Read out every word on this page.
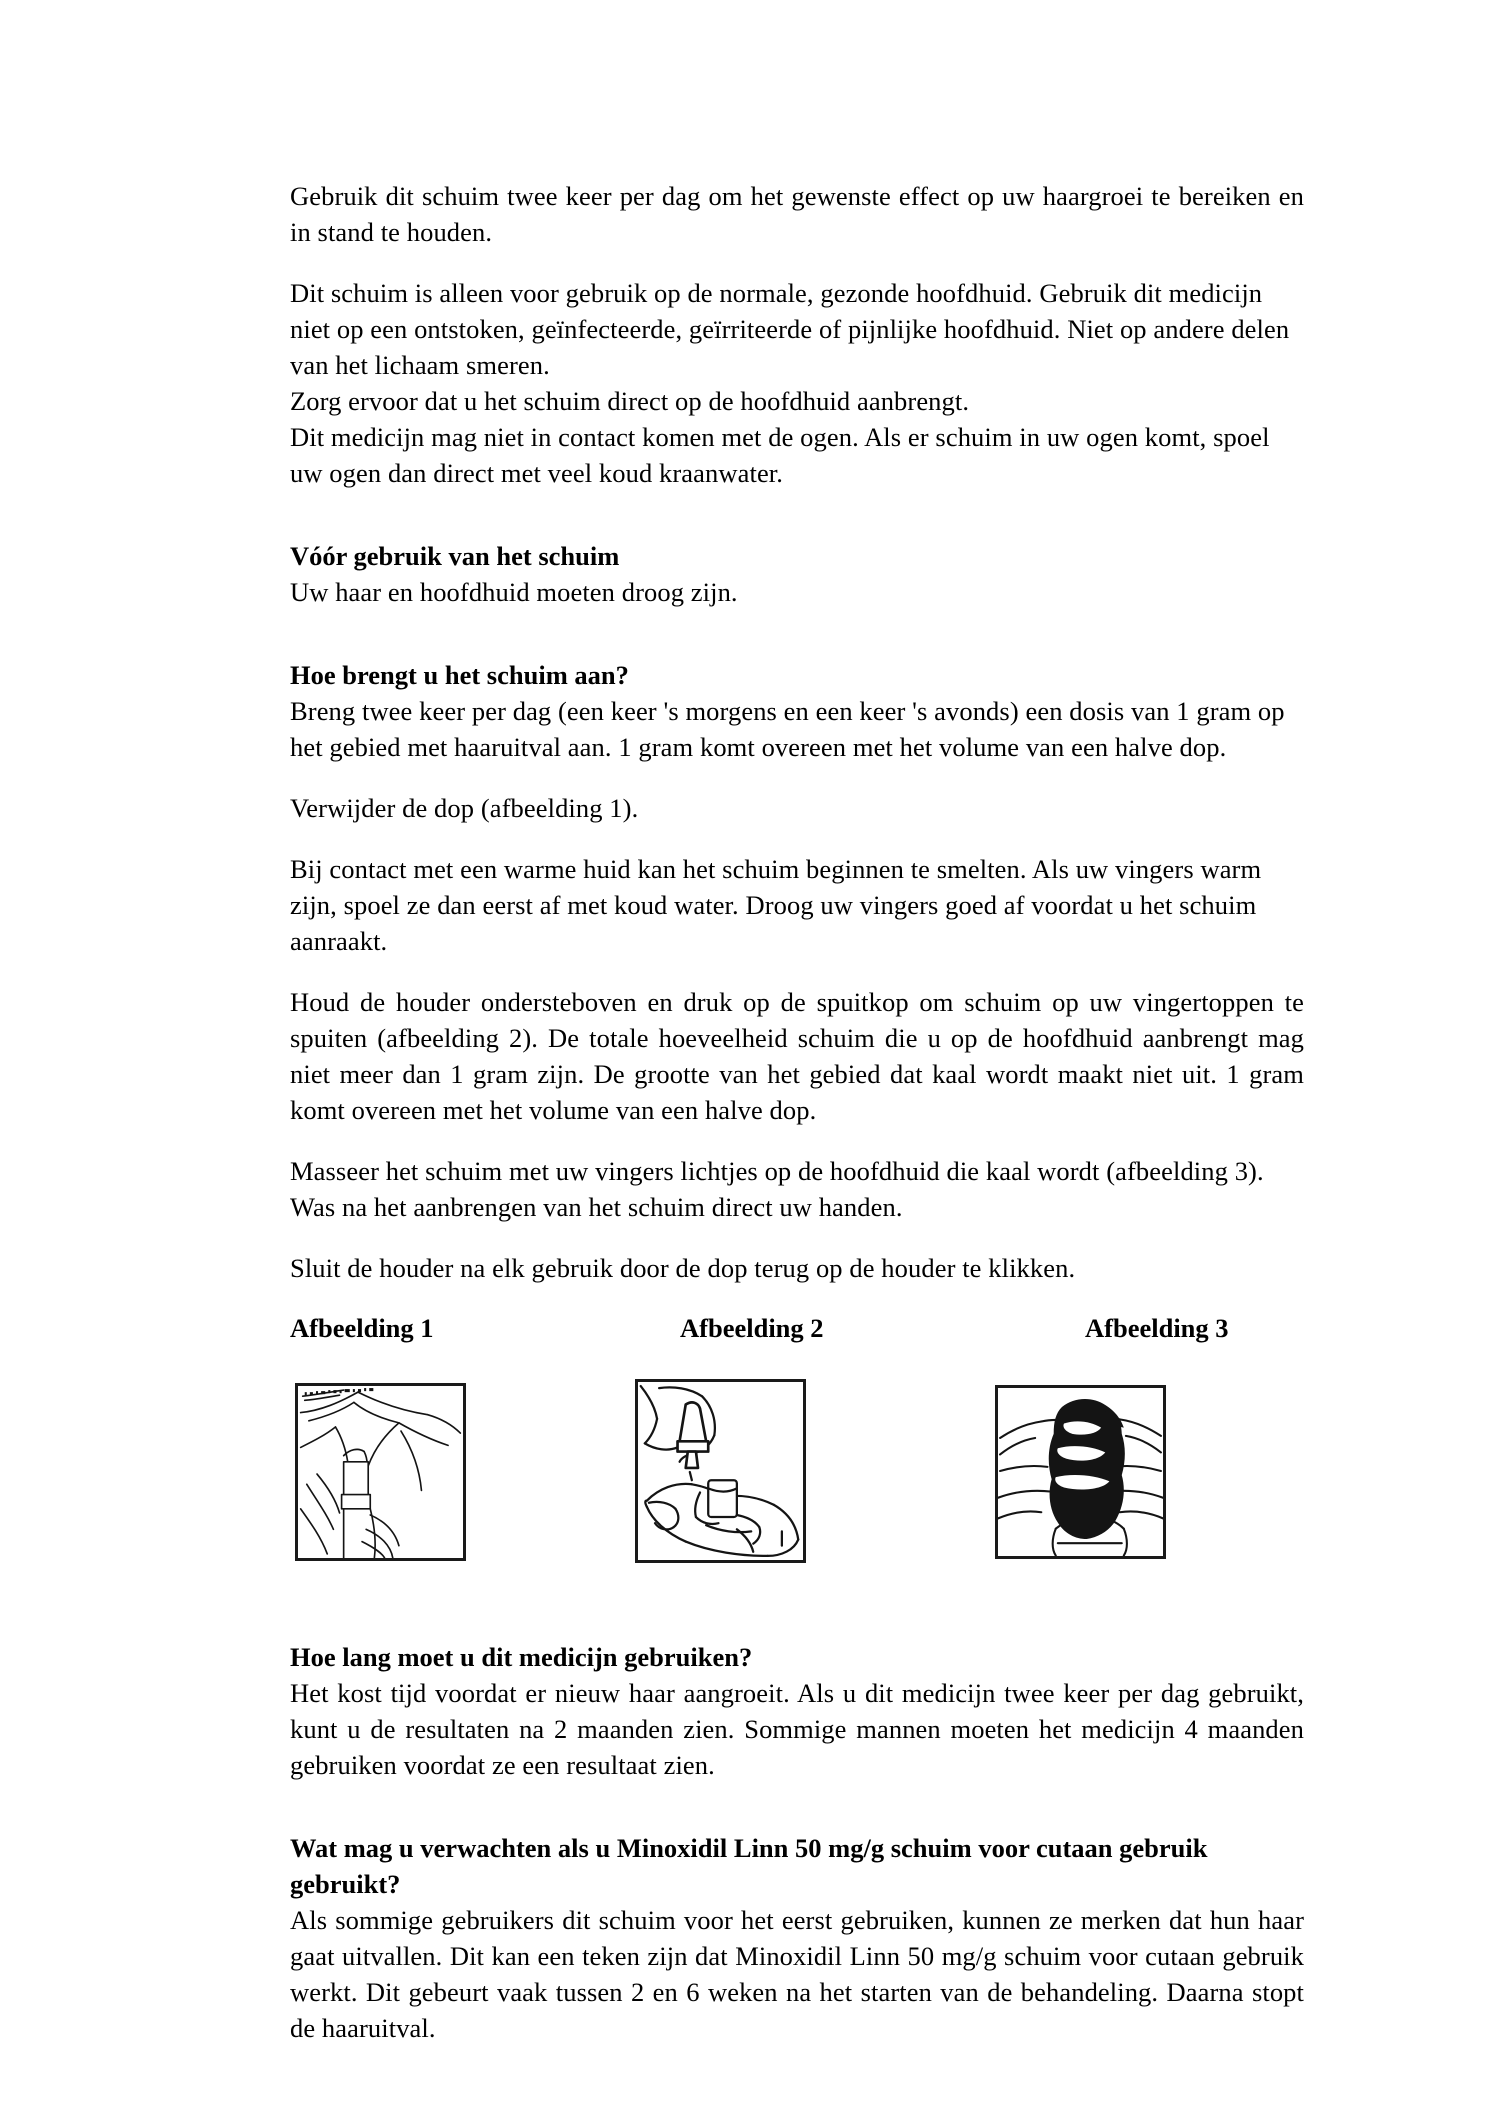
Gebruik dit schuim twee keer per dag om het gewenste effect op uw haargroei te bereiken en in stand te houden.

Dit schuim is alleen voor gebruik op de normale, gezonde hoofdhuid. Gebruik dit medicijn niet op een ontstoken, geïnfecteerde, geïrriteerde of pijnlijke hoofdhuid. Niet op andere delen van het lichaam smeren.

Zorg ervoor dat u het schuim direct op de hoofdhuid aanbrengt.

Dit medicijn mag niet in contact komen met de ogen. Als er schuim in uw ogen komt, spoel uw ogen dan direct met veel koud kraanwater.

Vóór gebruik van het schuim

Uw haar en hoofdhuid moeten droog zijn.

Hoe brengt u het schuim aan?

Breng twee keer per dag (een keer 's morgens en een keer 's avonds) een dosis van 1 gram op het gebied met haaruitval aan. 1 gram komt overeen met het volume van een halve dop.

Verwijder de dop (afbeelding 1).

Bij contact met een warme huid kan het schuim beginnen te smelten. Als uw vingers warm zijn, spoel ze dan eerst af met koud water. Droog uw vingers goed af voordat u het schuim aanraakt.

Houd de houder ondersteboven en druk op de spuitkop om schuim op uw vingertoppen te spuiten (afbeelding 2). De totale hoeveelheid schuim die u op de hoofdhuid aanbrengt mag niet meer dan 1 gram zijn. De grootte van het gebied dat kaal wordt maakt niet uit. 1 gram komt overeen met het volume van een halve dop.

Masseer het schuim met uw vingers lichtjes op de hoofdhuid die kaal wordt (afbeelding 3). Was na het aanbrengen van het schuim direct uw handen.

Sluit de houder na elk gebruik door de dop terug op de houder te klikken.

Afbeelding 1	Afbeelding 2	Afbeelding 3
Hoe lang moet u dit medicijn gebruiken?

Het kost tijd voordat er nieuw haar aangroeit. Als u dit medicijn twee keer per dag gebruikt, kunt u de resultaten na 2 maanden zien. Sommige mannen moeten het medicijn 4 maanden gebruiken voordat ze een resultaat zien.

Wat mag u verwachten als u Minoxidil Linn 50 mg/g schuim voor cutaan gebruik gebruikt?

Als sommige gebruikers dit schuim voor het eerst gebruiken, kunnen ze merken dat hun haar gaat uitvallen. Dit kan een teken zijn dat Minoxidil Linn 50 mg/g schuim voor cutaan gebruik werkt. Dit gebeurt vaak tussen 2 en 6 weken na het starten van de behandeling. Daarna stopt de haaruitval.
